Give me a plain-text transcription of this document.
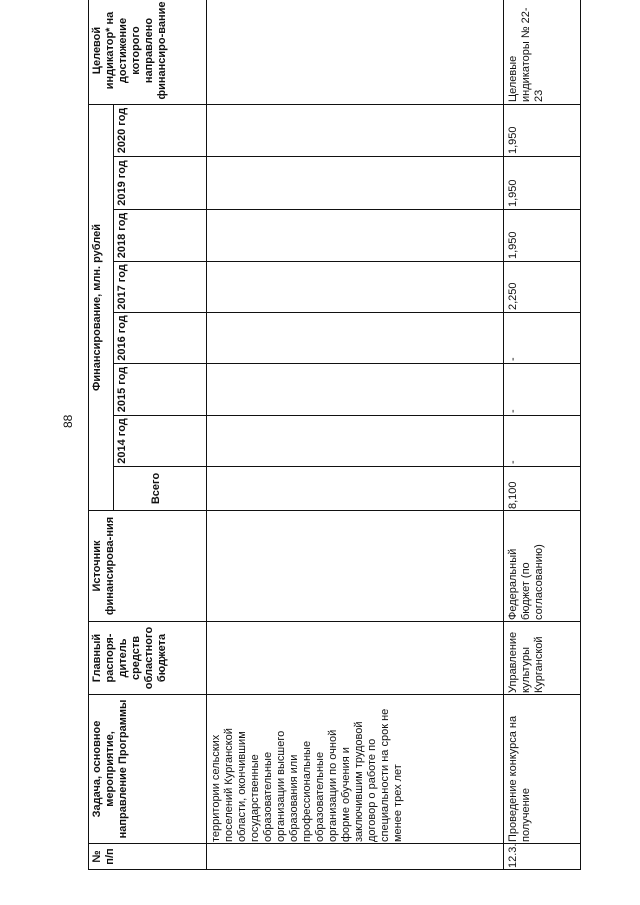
88
№ п/п
Задача, основное мероприятие, направление Программы
Главный распоря-дитель средств областного бюджета
Источник финансирова-ния
Финансирование, млн. рублей
Всего
2014 год
2015 год
2016 год
2017 год
2018 год
2019 год
2020 год
Целевой индикатор* на достижение которого направлено финансиро-вание
территории сельских поселений Курганской области, окончившим государственные образовательные организации высшего образования или профессиональные образовательные организации по очной форме обучения и заключившим трудовой договор о работе по специальности на срок не менее трех лет
12.3.
Проведение конкурса на получение
Управление культуры Курганской
Федеральный бюджет (по согласованию)
8,100
-
-
-
2,250
1,950
1,950
1,950
Целевые индикаторы № 22-23
